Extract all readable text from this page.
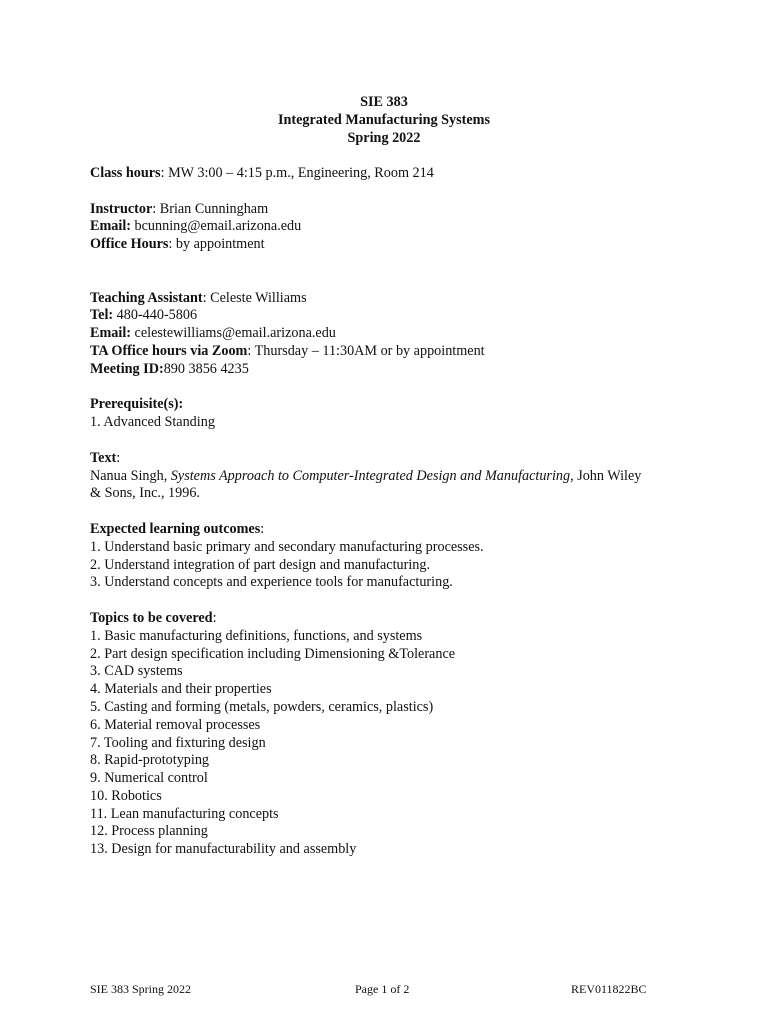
SIE 383
Integrated Manufacturing Systems
Spring 2022
Class hours: MW 3:00 – 4:15 p.m., Engineering, Room 214
Instructor: Brian Cunningham
Email: bcunning@email.arizona.edu
Office Hours: by appointment
Teaching Assistant: Celeste Williams
Tel: 480-440-5806
Email: celestewilliams@email.arizona.edu
TA Office hours via Zoom: Thursday – 11:30AM or by appointment
Meeting ID:890 3856 4235
Prerequisite(s):
1. Advanced Standing
Text:
Nanua Singh, Systems Approach to Computer-Integrated Design and Manufacturing, John Wiley
& Sons, Inc., 1996.
Expected learning outcomes:
1. Understand basic primary and secondary manufacturing processes.
2. Understand integration of part design and manufacturing.
3. Understand concepts and experience tools for manufacturing.
Topics to be covered:
1. Basic manufacturing definitions, functions, and systems
2. Part design specification including Dimensioning &Tolerance
3. CAD systems
4. Materials and their properties
5. Casting and forming (metals, powders, ceramics, plastics)
6. Material removal processes
7. Tooling and fixturing design
8. Rapid-prototyping
9. Numerical control
10. Robotics
11. Lean manufacturing concepts
12. Process planning
13. Design for manufacturability and assembly
SIE 383 Spring 2022	Page 1 of 2	REV011822BC
